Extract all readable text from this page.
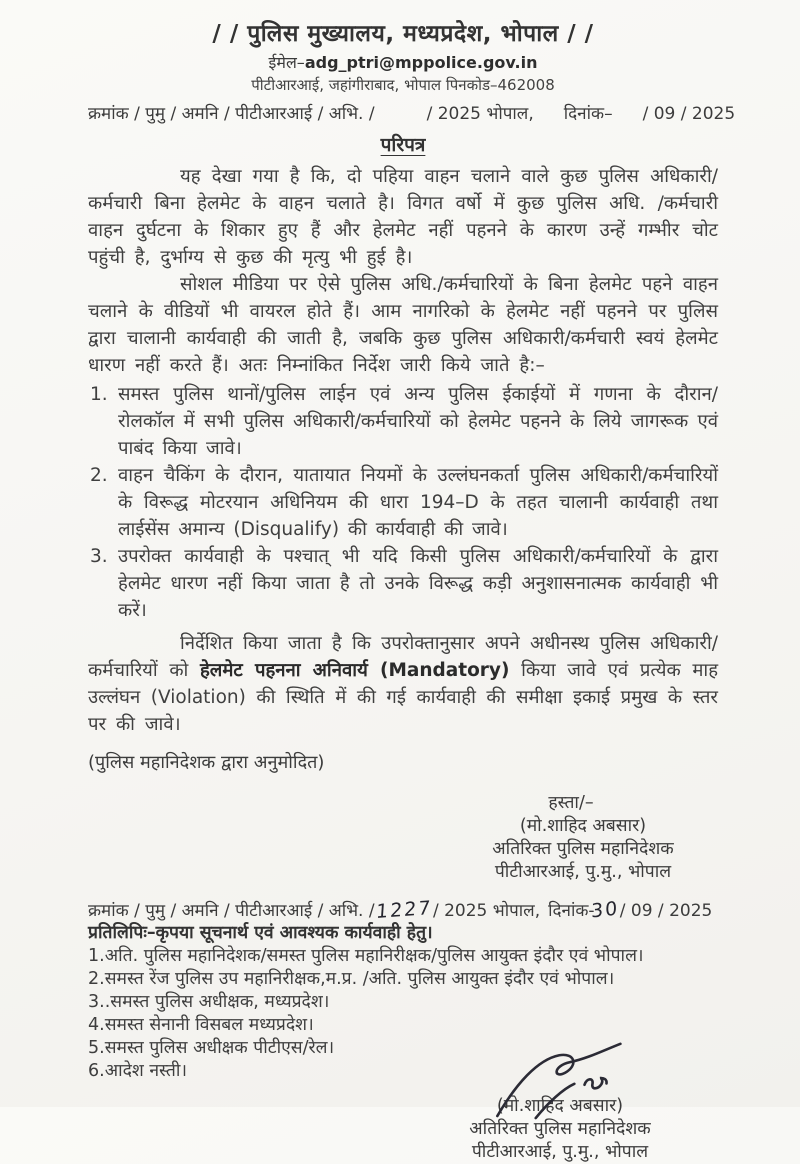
/ / पुलिस मुख्यालय, मध्यप्रदेश, भोपाल / /
ईमेल–adg_ptri@mppolice.gov.in
पीटीआरआई, जहांगीराबाद, भोपाल पिनकोड–462008
क्रमांक / पुमु / अमनि / पीटीआरआई / अभि. /	/ 2025 भोपाल, दिनांक– / 09 / 2025
परिपत्र

यह देखा गया है कि, दो पहिया वाहन चलाने वाले कुछ पुलिस अधिकारी/कर्मचारी बिना हेलमेट के वाहन चलाते है। विगत वर्षो में कुछ पुलिस अधि. /कर्मचारी वाहन दुर्घटना के शिकार हुए हैं और हेलमेट नहीं पहनने के कारण उन्हें गम्भीर चोट पहुंची है, दुर्भाग्य से कुछ की मृत्यु भी हुई है।

सोशल मीडिया पर ऐसे पुलिस अधि./कर्मचारियों के बिना हेलमेट पहने वाहन चलाने के वीडियों भी वायरल होते हैं। आम नागरिको के हेलमेट नहीं पहनने पर पुलिस द्वारा चालानी कार्यवाही की जाती है, जबकि कुछ पुलिस अधिकारी/कर्मचारी स्वयं हेलमेट धारण नहीं करते हैं। अतः निम्नांकित निर्देश जारी किये जाते है:–

1. समस्त पुलिस थानों/पुलिस लाईन एवं अन्य पुलिस ईकाईयों में गणना के दौरान/रोलकॉल में सभी पुलिस अधिकारी/कर्मचारियों को हेलमेट पहनने के लिये जागरूक एवं पाबंद किया जावे।
2. वाहन चैकिंग के दौरान, यातायात नियमों के उल्लंघनकर्ता पुलिस अधिकारी/कर्मचारियों के विरूद्ध मोटरयान अधिनियम की धारा 194–D के तहत चालानी कार्यवाही तथा लाईसेंस अमान्य (Disqualify) की कार्यवाही की जावे।
3. उपरोक्त कार्यवाही के पश्चात् भी यदि किसी पुलिस अधिकारी/कर्मचारियों के द्वारा हेलमेट धारण नहीं किया जाता है तो उनके विरूद्ध कड़ी अनुशासनात्मक कार्यवाही भी करें।

निर्देशित किया जाता है कि उपरोक्तानुसार अपने अधीनस्थ पुलिस अधिकारी/कर्मचारियों को हेलमेट पहनना अनिवार्य (Mandatory) किया जावे एवं प्रत्येक माह उल्लंघन (Violation) की स्थिति में की गई कार्यवाही की समीक्षा इकाई प्रमुख के स्तर पर की जावे।

(पुलिस महानिदेशक द्वारा अनुमोदित)

हस्ता/–
(मो.शाहिद अबसार)
अतिरिक्त पुलिस महानिदेशक
पीटीआरआई, पु.मु., भोपाल
क्रमांक / पुमु / अमनि / पीटीआरआई / अभि. /1227/ 2025 भोपाल, दिनांक-30/ 09 / 2025
प्रतिलिपिः–कृपया सूचनार्थ एवं आवश्यक कार्यवाही हेतु।
1.अति. पुलिस महानिदेशक/समस्त पुलिस महानिरीक्षक/पुलिस आयुक्त इंदौर एवं भोपाल।
2.समस्त रेंज पुलिस उप महानिरीक्षक,म.प्र. /अति. पुलिस आयुक्त इंदौर एवं भोपाल।
3..समस्त पुलिस अधीक्षक, मध्यप्रदेश।
4.समस्त सेनानी विसबल मध्यप्रदेश।
5.समस्त पुलिस अधीक्षक पीटीएस/रेल।
6.आदेश नस्ती।
(मो.शाहिद अबसार)
अतिरिक्त पुलिस महानिदेशक
पीटीआरआई, पु.मु., भोपाल
